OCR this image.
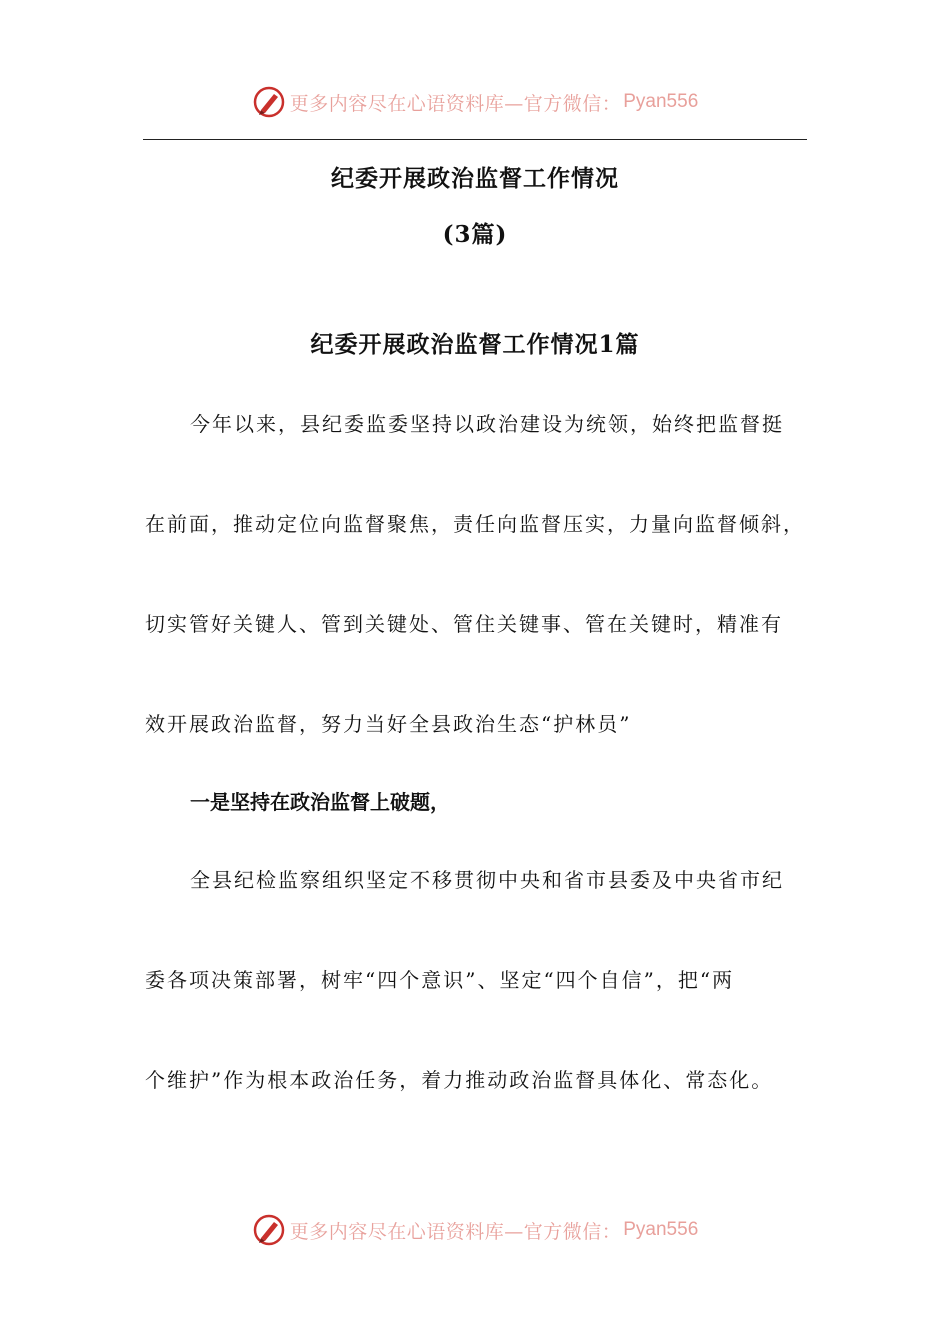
更多内容尽在心语资料库—官方微信： Pyan556
纪委开展政治监督工作情况
(3篇)
纪委开展政治监督工作情况1篇
今年以来，县纪委监委坚持以政治建设为统领，始终把监督挺
在前面，推动定位向监督聚焦，责任向监督压实，力量向监督倾斜，
切实管好关键人、管到关键处、管住关键事、管在关键时，精准有
效开展政治监督，努力当好全县政治生态“护林员”
一是坚持在政治监督上破题，
全县纪检监察组织坚定不移贯彻中央和省市县委及中央省市纪
委各项决策部署，树牢“四个意识”、坚定“四个自信”，把“两
个维护”作为根本政治任务，着力推动政治监督具体化、常态化。
更多内容尽在心语资料库—官方微信： Pyan556
